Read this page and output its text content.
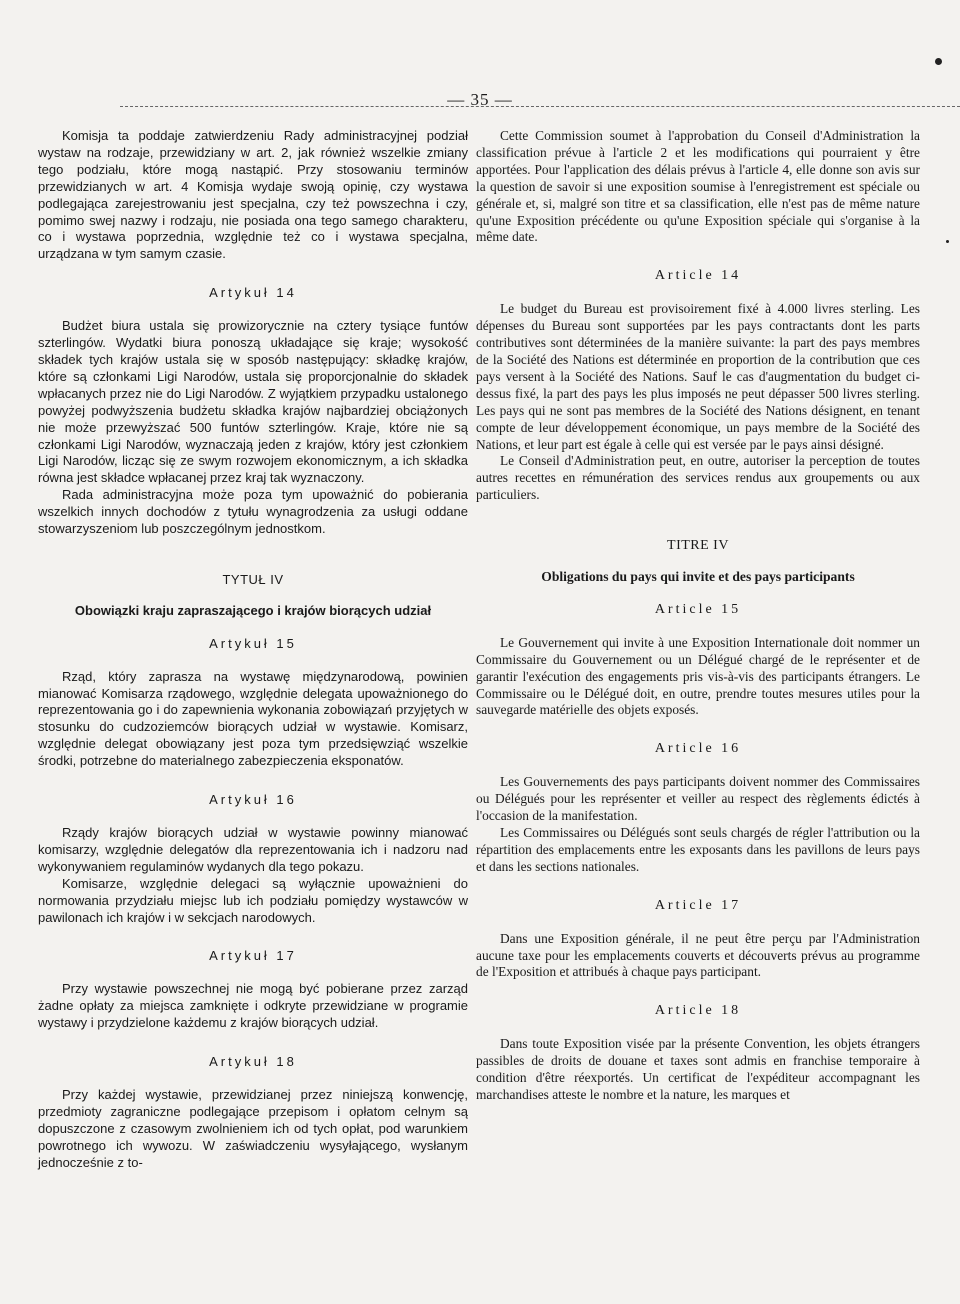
— 35 —

Komisja ta poddaje zatwierdzeniu Rady administracyjnej podział wystaw na rodzaje, przewidziany w art. 2, jak również wszelkie zmiany tego podziału, które mogą nastąpić. Przy stosowaniu terminów przewidzianych w art. 4 Komisja wydaje swoją opinię, czy wystawa podlegająca zarejestrowaniu jest specjalna, czy też powszechna i czy, pomimo swej nazwy i rodzaju, nie posiada ona tego samego charakteru, co i wystawa poprzednia, względnie też co i wystawa specjalna, urządzana w tym samym czasie.

Artykuł 14

Budżet biura ustala się prowizorycznie na cztery tysiące funtów szterlingów. Wydatki biura ponoszą układające się kraje; wysokość składek tych krajów ustala się w sposób następujący: składkę krajów, które są członkami Ligi Narodów, ustala się proporcjonalnie do składek wpłacanych przez nie do Ligi Narodów. Z wyjątkiem przypadku ustalonego powyżej podwyższenia budżetu składka krajów najbardziej obciążonych nie może przewyższać 500 funtów szterlingów. Kraje, które nie są członkami Ligi Narodów, wyznaczają jeden z krajów, który jest członkiem Ligi Narodów, licząc się ze swym rozwojem ekonomicznym, a ich składka równa jest składce wpłacanej przez kraj tak wyznaczony.

Rada administracyjna może poza tym upoważnić do pobierania wszelkich innych dochodów z tytułu wynagrodzenia za usługi oddane stowarzyszeniom lub poszczególnym jednostkom.

TYTUŁ IV
Obowiązki kraju zapraszającego i krajów biorących udział
Artykuł 15

Rząd, który zaprasza na wystawę międzynarodową, powinien mianować Komisarza rządowego, względnie delegata upoważnionego do reprezentowania go i do zapewnienia wykonania zobowiązań przyjętych w stosunku do cudzoziemców biorących udział w wystawie. Komisarz, względnie delegat obowiązany jest poza tym przedsięwziąć wszelkie środki, potrzebne do materialnego zabezpieczenia eksponatów.

Artykuł 16

Rządy krajów biorących udział w wystawie powinny mianować komisarzy, względnie delegatów dla reprezentowania ich i nadzoru nad wykonywaniem regulaminów wydanych dla tego pokazu.

Komisarze, względnie delegaci są wyłącznie upoważnieni do normowania przydziału miejsc lub ich podziału pomiędzy wystawców w pawilonach ich krajów i w sekcjach narodowych.

Artykuł 17

Przy wystawie powszechnej nie mogą być pobierane przez zarząd żadne opłaty za miejsca zamknięte i odkryte przewidziane w programie wystawy i przydzielone każdemu z krajów biorących udział.

Artykuł 18

Przy każdej wystawie, przewidzianej przez niniejszą konwencję, przedmioty zagraniczne podlegające przepisom i opłatom celnym są dopuszczone z czasowym zwolnieniem ich od tych opłat, pod warunkiem powrotnego ich wywozu. W zaświadczeniu wysyłającego, wysłanym jednocześnie z to-

Cette Commission soumet à l'approbation du Conseil d'Administration la classification prévue à l'article 2 et les modifications qui pourraient y être apportées. Pour l'application des délais prévus à l'article 4, elle donne son avis sur la question de savoir si une exposition soumise à l'enregistrement est spéciale ou générale et, si, malgré son titre et sa classification, elle n'est pas de même nature qu'une Exposition précédente ou qu'une Exposition spéciale qui s'organise à la même date.

Article 14

Le budget du Bureau est provisoirement fixé à 4.000 livres sterling. Les dépenses du Bureau sont supportées par les pays contractants dont les parts contributives sont déterminées de la manière suivante: la part des pays membres de la Société des Nations est déterminée en proportion de la contribution que ces pays versent à la Société des Nations. Sauf le cas d'augmentation du budget ci-dessus fixé, la part des pays les plus imposés ne peut dépasser 500 livres sterling. Les pays qui ne sont pas membres de la Société des Nations désignent, en tenant compte de leur développement économique, un pays membre de la Société des Nations, et leur part est égale à celle qui est versée par le pays ainsi désigné.

Le Conseil d'Administration peut, en outre, autoriser la perception de toutes autres recettes en rémunération des services rendus aux groupements ou aux particuliers.

TITRE IV
Obligations du pays qui invite et des pays participants
Article 15

Le Gouvernement qui invite à une Exposition Internationale doit nommer un Commissaire du Gouvernement ou un Délégué chargé de le représenter et de garantir l'exécution des engagements pris vis-à-vis des participants étrangers. Le Commissaire ou le Délégué doit, en outre, prendre toutes mesures utiles pour la sauvegarde matérielle des objets exposés.

Article 16

Les Gouvernements des pays participants doivent nommer des Commissaires ou Délégués pour les représenter et veiller au respect des règlements édictés à l'occasion de la manifestation.

Les Commissaires ou Délégués sont seuls chargés de régler l'attribution ou la répartition des emplacements entre les exposants dans les pavillons de leurs pays et dans les sections nationales.

Article 17

Dans une Exposition générale, il ne peut être perçu par l'Administration aucune taxe pour les emplacements couverts et découverts prévus au programme de l'Exposition et attribués à chaque pays participant.

Article 18

Dans toute Exposition visée par la présente Convention, les objets étrangers passibles de droits de douane et taxes sont admis en franchise temporaire à condition d'être réexportés. Un certificat de l'expéditeur accompagnant les marchandises atteste le nombre et la nature, les marques et
